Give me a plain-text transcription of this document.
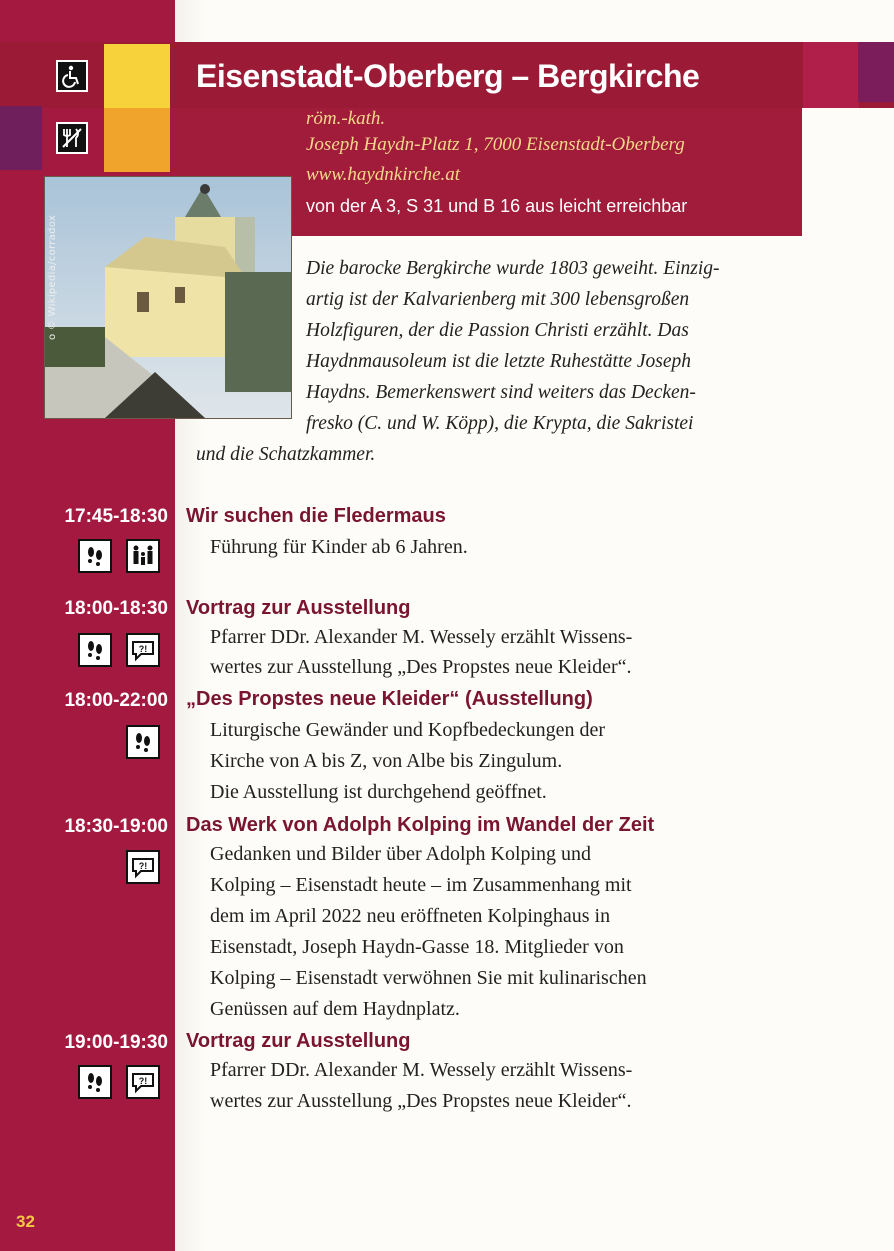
Eisenstadt-Oberberg – Bergkirche
röm.-kath.
Joseph Haydn-Platz 1, 7000 Eisenstadt-Oberberg
www.haydnkirche.at
von der A 3, S 31 und B 16 aus leicht erreichbar
o © Wikipedia/corradox	Die barocke Bergkirche wurde 1803 geweiht. Einzig-
artig ist der Kalvarienberg mit 300 lebensgroßen
Holzfiguren, der die Passion Christi erzählt. Das
Haydnmausoleum ist die letzte Ruhestätte Joseph
Haydns. Bemerkenswert sind weiters das Decken-
fresko (C. und W. Köpp), die Krypta, die Sakristei
und die Schatzkammer.
17:45-18:30 Wir suchen die Fledermaus
Führung für Kinder ab 6 Jahren.
18:00-18:30 Vortrag zur Ausstellung
Pfarrer DDr. Alexander M. Wessely erzählt Wissens-
wertes zur Ausstellung „Des Propstes neue Kleider“.
?!
18:00-22:00 „Des Propstes neue Kleider“ (Ausstellung)
Liturgische Gewänder und Kopfbedeckungen der
Kirche von A bis Z, von Albe bis Zingulum.
Die Ausstellung ist durchgehend geöffnet.
18:30-19:00 Das Werk von Adolph Kolping im Wandel der Zeit
Gedanken und Bilder über Adolph Kolping und
Kolping – Eisenstadt heute – im Zusammenhang mit
dem im April 2022 neu eröffneten Kolpinghaus in
Eisenstadt, Joseph Haydn-Gasse 18. Mitglieder von
Kolping – Eisenstadt verwöhnen Sie mit kulinarischen
Genüssen auf dem Haydnplatz.
?!
19:00-19:30 Vortrag zur Ausstellung
Pfarrer DDr. Alexander M. Wessely erzählt Wissens-
wertes zur Ausstellung „Des Propstes neue Kleider“.
?!
32
